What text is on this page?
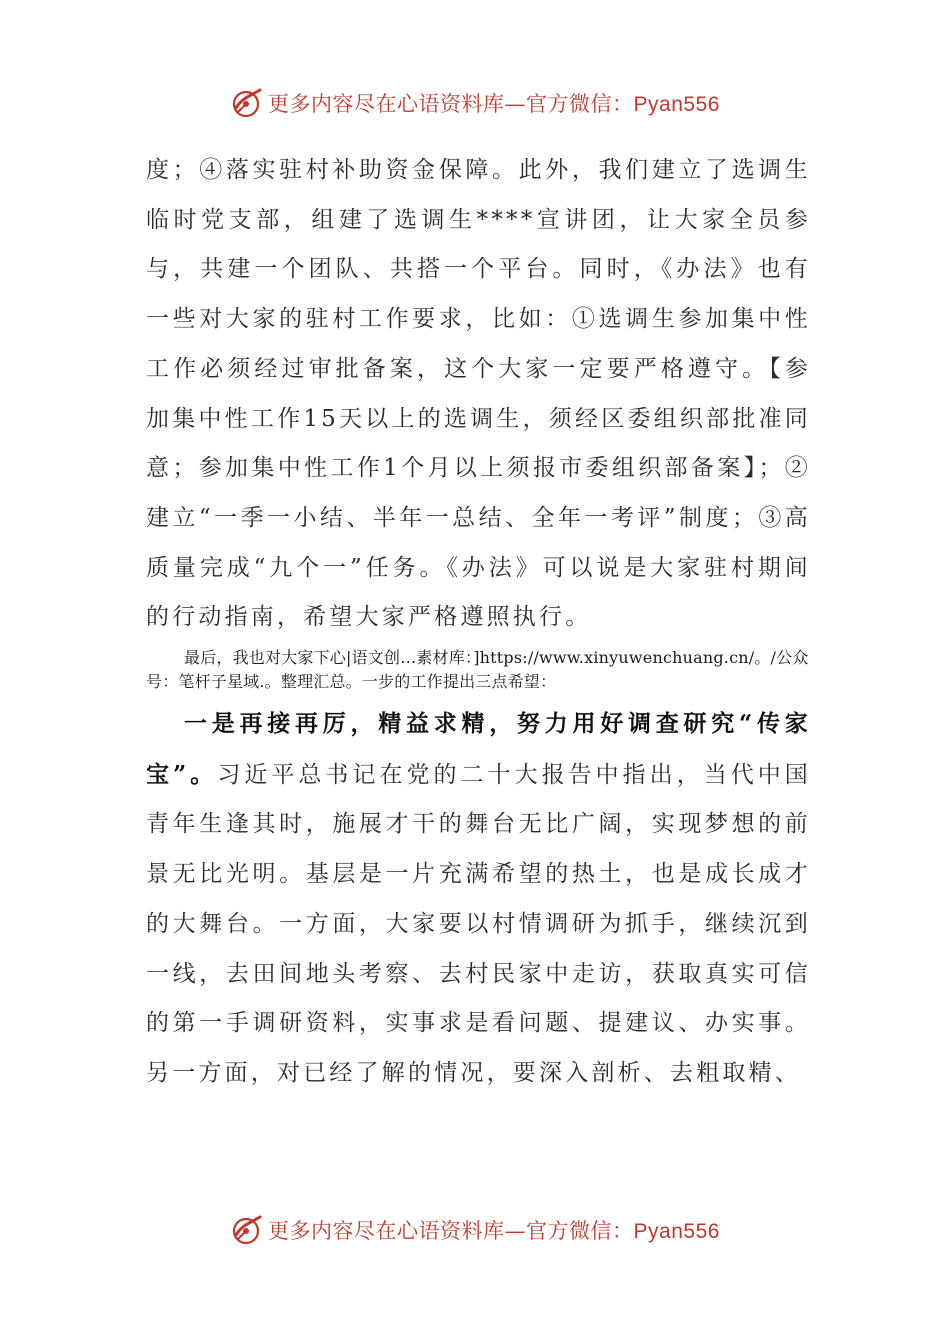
更多内容尽在心语资料库—官方微信：Pyan556

度；④落实驻村补助资金保障。此外，我们建立了选调生临时党支部，组建了选调生****宣讲团，让大家全员参与，共建一个团队、共搭一个平台。同时，《办法》也有一些对大家的驻村工作要求，比如：①选调生参加集中性工作必须经过审批备案，这个大家一定要严格遵守。【参加集中性工作15天以上的选调生，须经区委组织部批准同意；参加集中性工作1个月以上须报市委组织部备案】；②建立“一季一小结、半年一总结、全年一考评”制度；③高质量完成“九个一”任务。《办法》可以说是大家驻村期间的行动指南，希望大家严格遵照执行。

最后，我也对大家下心|语文创…素材库：]https://www.xinyuwenchuang.cn/。/公众号：笔杆子星域.。整理汇总。一步的工作提出三点希望：

一是再接再厉，精益求精，努力用好调查研究“传家宝”。习近平总书记在党的二十大报告中指出，当代中国青年生逢其时，施展才干的舞台无比广阔，实现梦想的前景无比光明。基层是一片充满希望的热土，也是成长成才的大舞台。一方面，大家要以村情调研为抓手，继续沉到一线，去田间地头考察、去村民家中走访，获取真实可信的第一手调研资料，实事求是看问题、提建议、办实事。另一方面，对已经了解的情况，要深入剖析、去粗取精、

更多内容尽在心语资料库—官方微信：Pyan556
